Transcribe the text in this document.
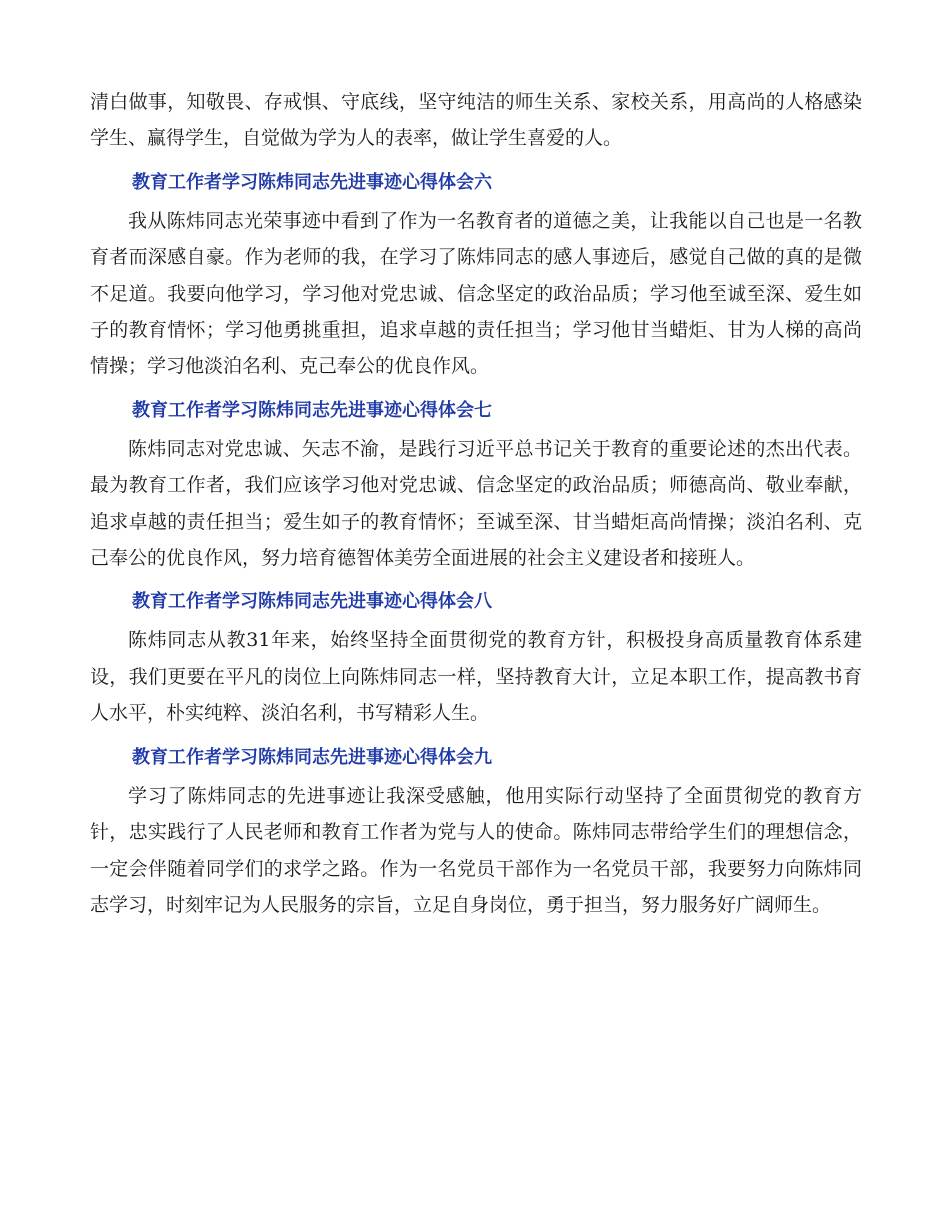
清白做事，知敬畏、存戒惧、守底线，坚守纯洁的师生关系、家校关系，用高尚的人格感染学生、赢得学生，自觉做为学为人的表率，做让学生喜爱的人。

教育工作者学习陈炜同志先进事迹心得体会六

我从陈炜同志光荣事迹中看到了作为一名教育者的道德之美，让我能以自己也是一名教育者而深感自豪。作为老师的我，在学习了陈炜同志的感人事迹后，感觉自己做的真的是微不足道。我要向他学习，学习他对党忠诚、信念坚定的政治品质；学习他至诚至深、爱生如子的教育情怀；学习他勇挑重担，追求卓越的责任担当；学习他甘当蜡炬、甘为人梯的高尚情操；学习他淡泊名利、克己奉公的优良作风。

教育工作者学习陈炜同志先进事迹心得体会七

陈炜同志对党忠诚、矢志不渝，是践行习近平总书记关于教育的重要论述的杰出代表。最为教育工作者，我们应该学习他对党忠诚、信念坚定的政治品质；师德高尚、敬业奉献，追求卓越的责任担当；爱生如子的教育情怀；至诚至深、甘当蜡炬高尚情操；淡泊名利、克己奉公的优良作风，努力培育德智体美劳全面进展的社会主义建设者和接班人。

教育工作者学习陈炜同志先进事迹心得体会八

陈炜同志从教31年来，始终坚持全面贯彻党的教育方针，积极投身高质量教育体系建设，我们更要在平凡的岗位上向陈炜同志一样，坚持教育大计，立足本职工作，提高教书育人水平，朴实纯粹、淡泊名利，书写精彩人生。

教育工作者学习陈炜同志先进事迹心得体会九

学习了陈炜同志的先进事迹让我深受感触，他用实际行动坚持了全面贯彻党的教育方针，忠实践行了人民老师和教育工作者为党与人的使命。陈炜同志带给学生们的理想信念，一定会伴随着同学们的求学之路。作为一名党员干部作为一名党员干部，我要努力向陈炜同志学习，时刻牢记为人民服务的宗旨，立足自身岗位，勇于担当，努力服务好广阔师生。
